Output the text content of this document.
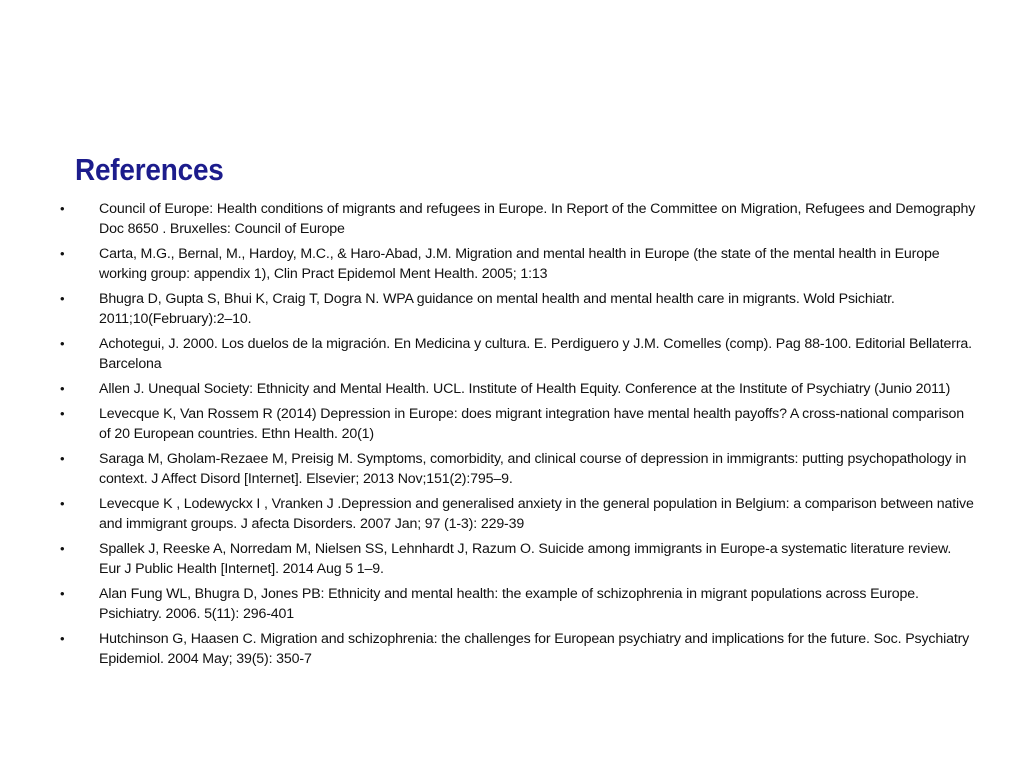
References
• Council of Europe: Health conditions of migrants and refugees in Europe. In Report of the Committee on Migration, Refugees and Demography Doc 8650 . Bruxelles: Council of Europe
• Carta, M.G., Bernal, M., Hardoy, M.C., & Haro-Abad, J.M. Migration and mental health in Europe (the state of the mental health in Europe working group: appendix 1), Clin Pract Epidemol Ment Health. 2005; 1:13
• Bhugra D, Gupta S, Bhui K, Craig T, Dogra N. WPA guidance on mental health and mental health care in migrants. Wold Psichiatr. 2011;10(February):2–10.
• Achotegui, J. 2000. Los duelos de la migración. En Medicina y cultura. E. Perdiguero y J.M. Comelles (comp). Pag 88-100. Editorial Bellaterra. Barcelona
• Allen J. Unequal Society: Ethnicity and Mental Health. UCL. Institute of Health Equity. Conference at the Institute of Psychiatry (Junio 2011)
• Levecque K, Van Rossem R (2014) Depression in Europe: does migrant integration have mental health payoffs? A cross-national comparison of 20 European countries. Ethn Health. 20(1)
• Saraga M, Gholam-Rezaee M, Preisig M. Symptoms, comorbidity, and clinical course of depression in immigrants: putting psychopathology in context. J Affect Disord [Internet]. Elsevier; 2013 Nov;151(2):795–9.
• Levecque K , Lodewyckx I , Vranken J .Depression and generalised anxiety in the general population in Belgium: a comparison between native and immigrant groups. J afecta Disorders. 2007 Jan; 97 (1-3): 229-39
• Spallek J, Reeske A, Norredam M, Nielsen SS, Lehnhardt J, Razum O. Suicide among immigrants in Europe-a systematic literature review. Eur J Public Health [Internet]. 2014 Aug 5 1–9.
• Alan Fung WL, Bhugra D, Jones PB: Ethnicity and mental health: the example of schizophrenia in migrant populations across Europe. Psichiatry. 2006. 5(11): 296-401
• Hutchinson G, Haasen C. Migration and schizophrenia: the challenges for European psychiatry and implications for the future. Soc. Psychiatry Epidemiol. 2004 May; 39(5): 350-7
